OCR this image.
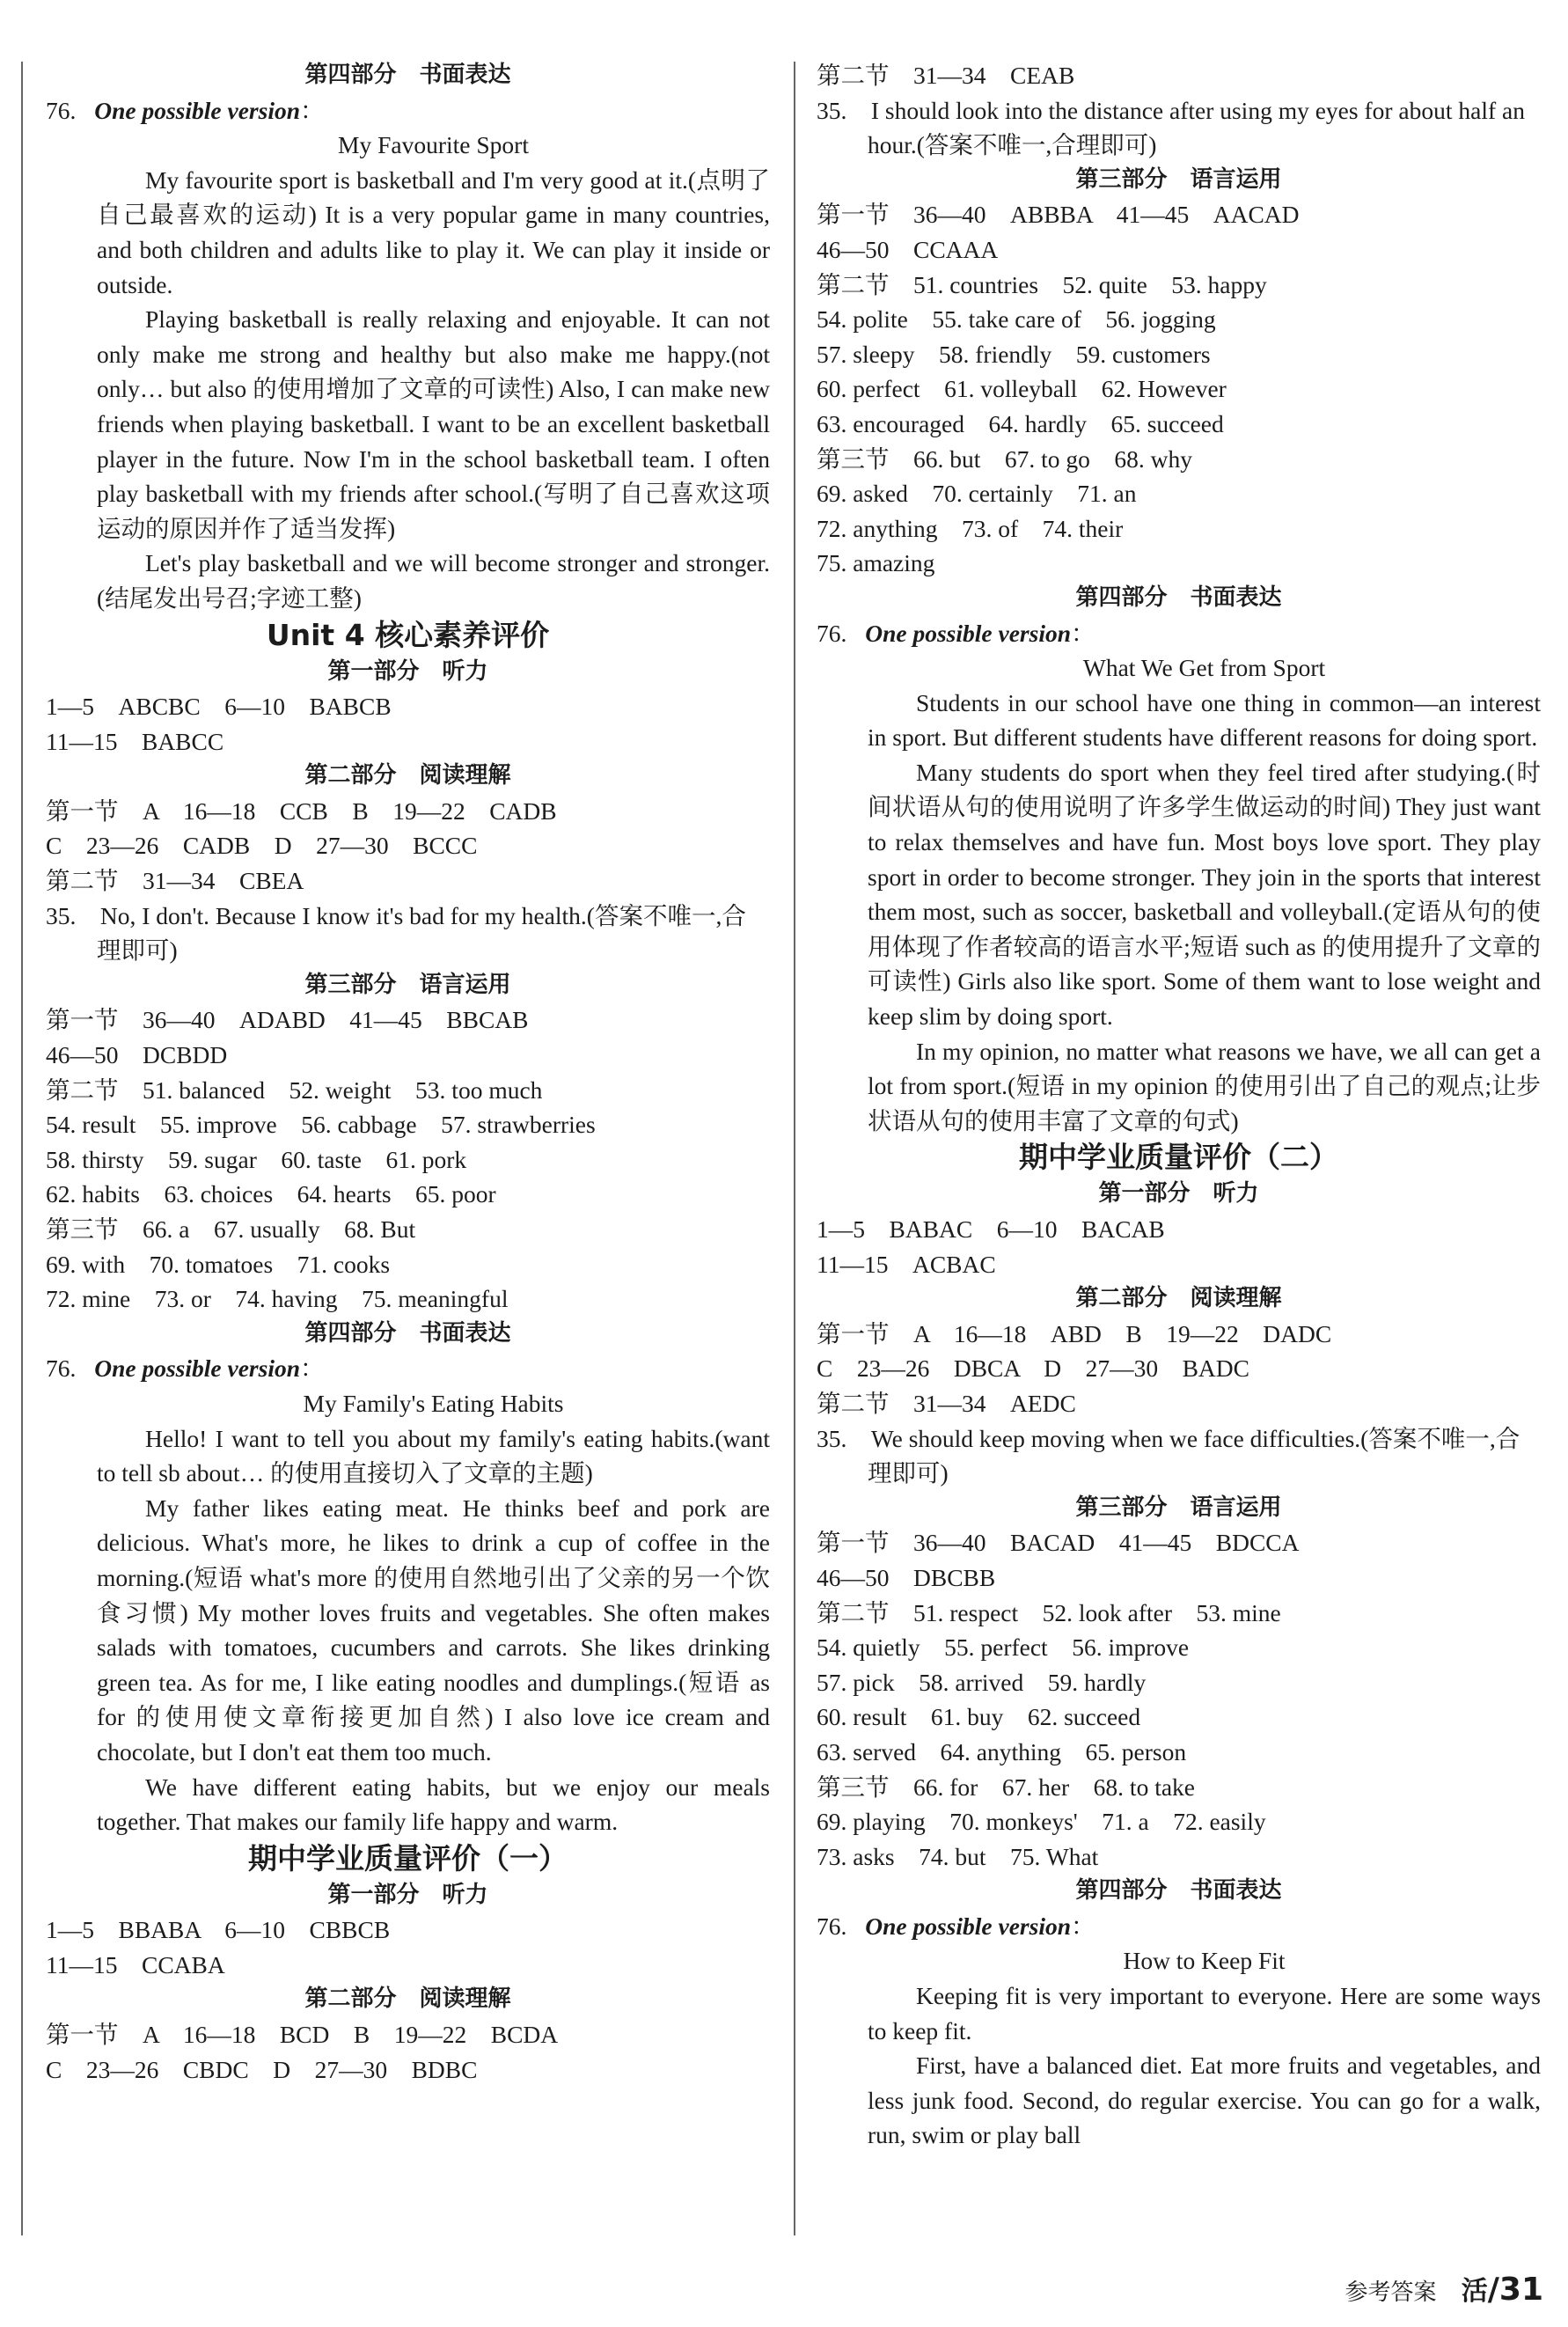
第四部分　书面表达
76. One possible version：
My Favourite Sport

My favourite sport is basketball and I'm very good at it.(点明了自己最喜欢的运动) It is a very popular game in many countries, and both children and adults like to play it. We can play it inside or outside.

Playing basketball is really relaxing and enjoyable. It can not only make me strong and healthy but also make me happy.(not only… but also 的使用增加了文章的可读性) Also, I can make new friends when playing basketball. I want to be an excellent basketball player in the future. Now I'm in the school basketball team. I often play basketball with my friends after school.(写明了自己喜欢这项运动的原因并作了适当发挥)

Let's play basketball and we will become stronger and stronger.(结尾发出号召;字迹工整)

Unit 4 核心素养评价
第一部分　听力
1—5　ABCBC　6—10　BABCB
11—15　BABCC
第二部分　阅读理解
第一节　A　16—18　CCB　B　19—22　CADB
C　23—26　CADB　D　27—30　BCCC
第二节　31—34　CBEA
35.　No, I don't. Because I know it's bad for my health.(答案不唯一,合理即可)
第三部分　语言运用
第一节　36—40　ADABD　41—45　BBCAB
46—50　DCBDD
第二节　51. balanced　52. weight　53. too much
54. result　55. improve　56. cabbage　57. strawberries
58. thirsty　59. sugar　60. taste　61. pork
62. habits　63. choices　64. hearts　65. poor
第三节　66. a　67. usually　68. But
69. with　70. tomatoes　71. cooks
72. mine　73. or　74. having　75. meaningful
第四部分　书面表达
76. One possible version：
My Family's Eating Habits

Hello! I want to tell you about my family's eating habits.(want to tell sb about… 的使用直接切入了文章的主题)

My father likes eating meat. He thinks beef and pork are delicious. What's more, he likes to drink a cup of coffee in the morning.(短语 what's more 的使用自然地引出了父亲的另一个饮食习惯) My mother loves fruits and vegetables. She often makes salads with tomatoes, cucumbers and carrots. She likes drinking green tea. As for me, I like eating noodles and dumplings.(短语 as for 的使用使文章衔接更加自然) I also love ice cream and chocolate, but I don't eat them too much.

We have different eating habits, but we enjoy our meals together. That makes our family life happy and warm.

期中学业质量评价（一）
第一部分　听力
1—5　BBABA　6—10　CBBCB
11—15　CCABA
第二部分　阅读理解
第一节　A　16—18　BCD　B　19—22　BCDA
C　23—26　CBDC　D　27—30　BDBC
第二节　31—34　CEAB
35.　I should look into the distance after using my eyes for about half an hour.(答案不唯一,合理即可)
第三部分　语言运用
第一节　36—40　ABBBA　41—45　AACAD
46—50　CCAAA
第二节　51. countries　52. quite　53. happy
54. polite　55. take care of　56. jogging
57. sleepy　58. friendly　59. customers
60. perfect　61. volleyball　62. However
63. encouraged　64. hardly　65. succeed
第三节　66. but　67. to go　68. why
69. asked　70. certainly　71. an
72. anything　73. of　74. their
75. amazing
第四部分　书面表达
76. One possible version：
What We Get from Sport

Students in our school have one thing in common—an interest in sport. But different students have different reasons for doing sport.

Many students do sport when they feel tired after studying.(时间状语从句的使用说明了许多学生做运动的时间) They just want to relax themselves and have fun. Most boys love sport. They play sport in order to become stronger. They join in the sports that interest them most, such as soccer, basketball and volleyball.(定语从句的使用体现了作者较高的语言水平;短语 such as 的使用提升了文章的可读性) Girls also like sport. Some of them want to lose weight and keep slim by doing sport.

In my opinion, no matter what reasons we have, we all can get a lot from sport.(短语 in my opinion 的使用引出了自己的观点;让步状语从句的使用丰富了文章的句式)

期中学业质量评价（二）
第一部分　听力
1—5　BABAC　6—10　BACAB
11—15　ACBAC
第二部分　阅读理解
第一节　A　16—18　ABD　B　19—22　DADC
C　23—26　DBCA　D　27—30　BADC
第二节　31—34　AEDC
35.　We should keep moving when we face difficulties.(答案不唯一,合理即可)
第三部分　语言运用
第一节　36—40　BACAD　41—45　BDCCA
46—50　DBCBB
第二节　51. respect　52. look after　53. mine
54. quietly　55. perfect　56. improve
57. pick　58. arrived　59. hardly
60. result　61. buy　62. succeed
63. served　64. anything　65. person
第三节　66. for　67. her　68. to take
69. playing　70. monkeys'　71. a　72. easily
73. asks　74. but　75. What
第四部分　书面表达
76. One possible version：
How to Keep Fit

Keeping fit is very important to everyone. Here are some ways to keep fit.

First, have a balanced diet. Eat more fruits and vegetables, and less junk food. Second, do regular exercise. You can go for a walk, run, swim or play ball

参考答案 活/31
